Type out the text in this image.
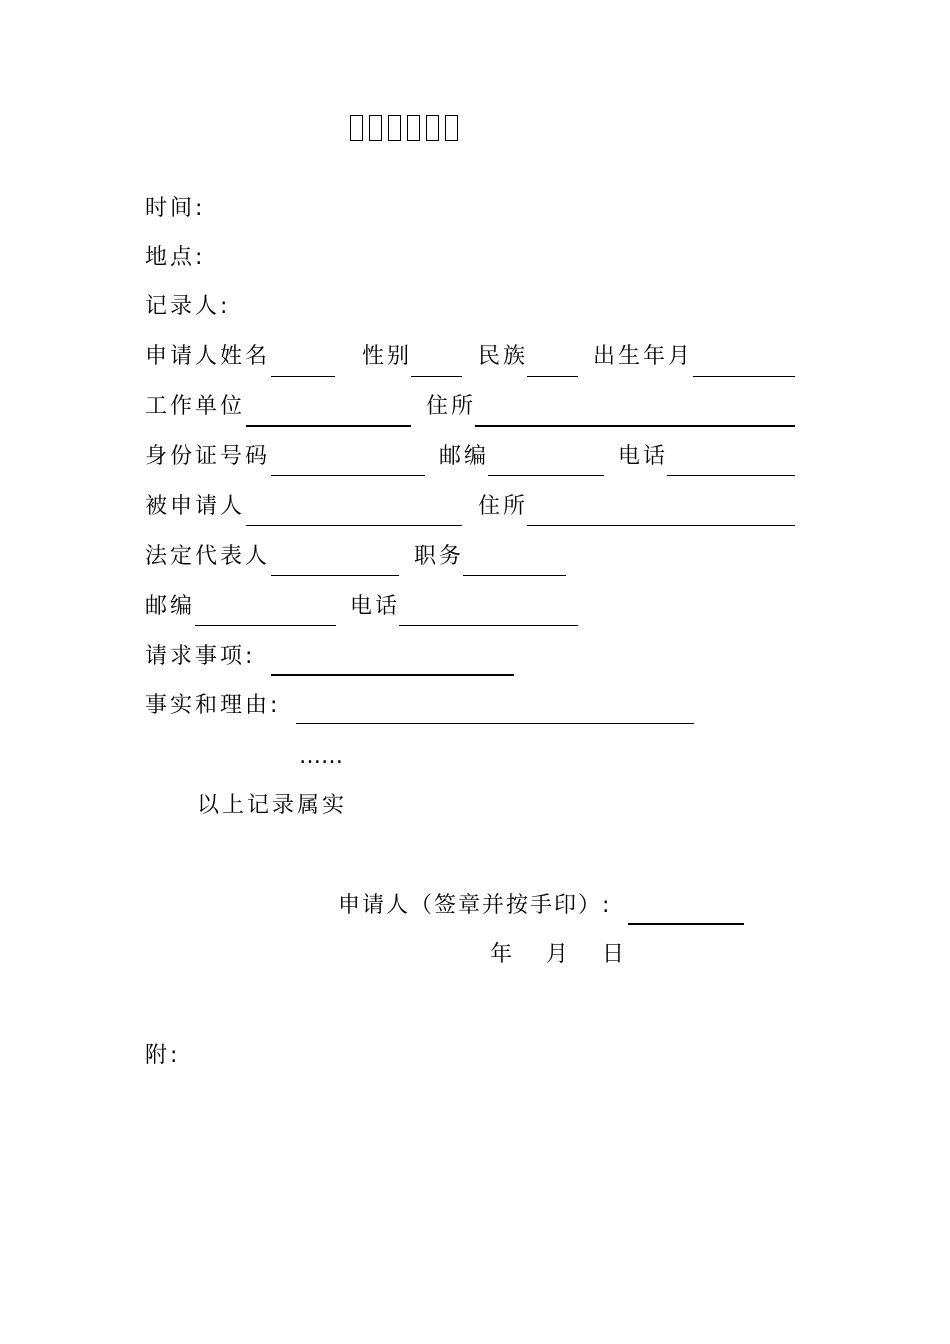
时间:
地点:
记录人:
申请人姓名	性别	民族	出生年月
工作单位	住所
身份证号码	邮编	电话
被申请人	住所
法定代表人	职务
邮编	电话
请求事项:
事实和理由:
……
以上记录属实
申请人（签章并按手印）:
年　月　日
附:
